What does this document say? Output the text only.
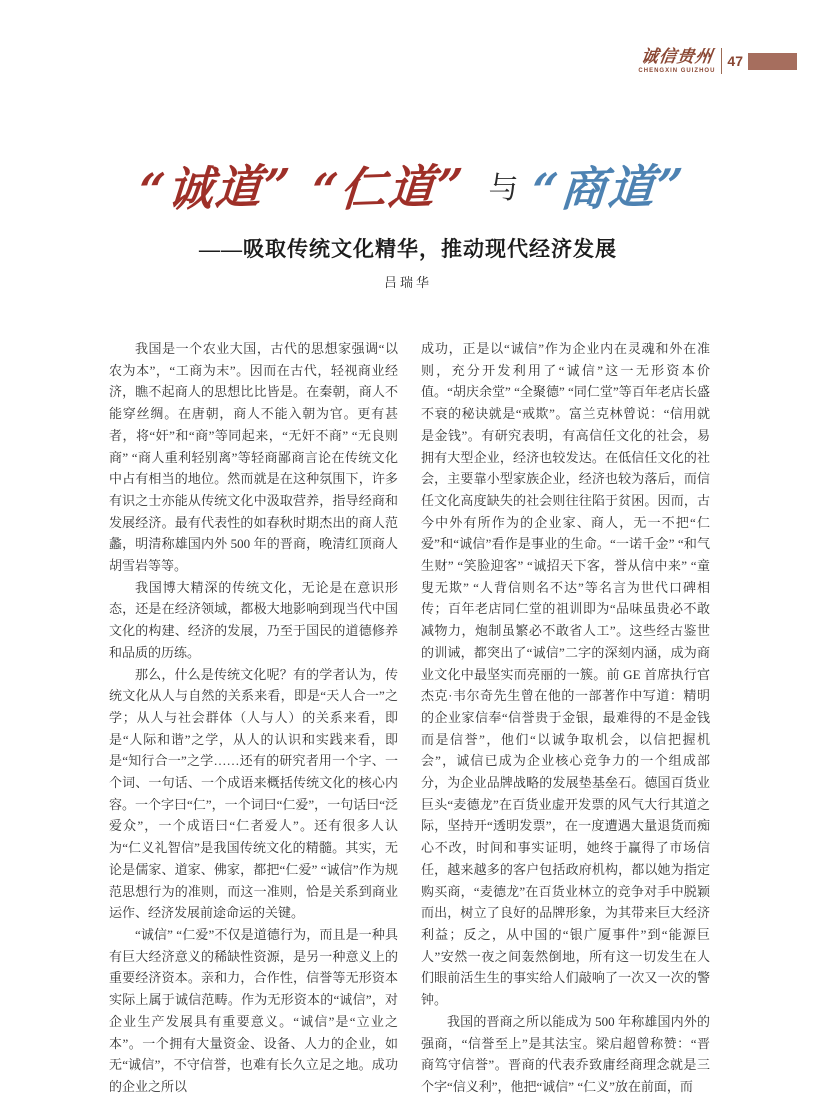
诚信贵州
CHENGXIN GUIZHOU
47
“诚道” “仁道” 与 “商道”
——吸取传统文化精华，推动现代经济发展
吕瑞华

我国是一个农业大国，古代的思想家强调“以农为本”，“工商为末”。因而在古代，轻视商业经济，瞧不起商人的思想比比皆是。在秦朝，商人不能穿丝绸。在唐朝，商人不能入朝为官。更有甚者，将“奸”和“商”等同起来，“无奸不商” “无良则商” “商人重利轻别离”等轻商鄙商言论在传统文化中占有相当的地位。然而就是在这种氛围下，许多有识之士亦能从传统文化中汲取营养，指导经商和发展经济。最有代表性的如春秋时期杰出的商人范蠡，明清称雄国内外 500 年的晋商，晚清红顶商人胡雪岩等等。

我国博大精深的传统文化，无论是在意识形态，还是在经济领域，都极大地影响到现当代中国文化的构建、经济的发展，乃至于国民的道德修养和品质的历练。

那么，什么是传统文化呢？有的学者认为，传统文化从人与自然的关系来看，即是“天人合一”之学；从人与社会群体（人与人）的关系来看，即是“人际和谐”之学，从人的认识和实践来看，即是“知行合一”之学……还有的研究者用一个字、一个词、一句话、一个成语来概括传统文化的核心内容。一个字曰“仁”，一个词曰“仁爱”，一句话曰“泛爱众”，一个成语曰“仁者爱人”。还有很多人认为“仁义礼智信”是我国传统文化的精髓。其实，无论是儒家、道家、佛家，都把“仁爱” “诚信”作为规范思想行为的准则，而这一准则，恰是关系到商业运作、经济发展前途命运的关键。

“诚信” “仁爱”不仅是道德行为，而且是一种具有巨大经济意义的稀缺性资源，是另一种意义上的重要经济资本。亲和力，合作性，信誉等无形资本实际上属于诚信范畴。作为无形资本的“诚信”，对企业生产发展具有重要意义。“诚信”是“立业之本”。一个拥有大量资金、设备、人力的企业，如无“诚信”，不守信誉，也难有长久立足之地。成功的企业之所以

成功，正是以“诚信”作为企业内在灵魂和外在准则，充分开发利用了“诚信”这一无形资本价值。“胡庆余堂” “全聚德” “同仁堂”等百年老店长盛不衰的秘诀就是“戒欺”。富兰克林曾说：“信用就是金钱”。有研究表明，有高信任文化的社会，易拥有大型企业，经济也较发达。在低信任文化的社会，主要靠小型家族企业，经济也较为落后，而信任文化高度缺失的社会则往往陷于贫困。因而，古今中外有所作为的企业家、商人，无一不把“仁爱”和“诚信”看作是事业的生命。“一诺千金” “和气生财” “笑脸迎客” “诚招天下客，誉从信中来” “童叟无欺” “人背信则名不达”等名言为世代口碑相传；百年老店同仁堂的祖训即为“品味虽贵必不敢减物力，炮制虽繁必不敢省人工”。这些经古鉴世的训诫，都突出了“诚信”二字的深刻内涵，成为商业文化中最坚实而亮丽的一簇。前 GE 首席执行官杰克·韦尔奇先生曾在他的一部著作中写道：精明的企业家信奉“信誉贵于金银，最难得的不是金钱而是信誉”，他们“以诚争取机会，以信把握机会”，诚信已成为企业核心竞争力的一个组成部分，为企业品牌战略的发展垫基垒石。德国百货业巨头“麦德龙”在百货业虚开发票的风气大行其道之际，坚持开“透明发票”，在一度遭遇大量退货而痴心不改，时间和事实证明，她终于赢得了市场信任，越来越多的客户包括政府机构，都以她为指定购买商，“麦德龙”在百货业林立的竞争对手中脱颖而出，树立了良好的品牌形象，为其带来巨大经济利益；反之，从中国的“银广厦事件”到“能源巨人”安然一夜之间轰然倒地，所有这一切发生在人们眼前活生生的事实给人们敲响了一次又一次的警钟。

我国的晋商之所以能成为 500 年称雄国内外的强商，“信誉至上”是其法宝。梁启超曾称赞：“晋商笃守信誉”。晋商的代表乔致庸经商理念就是三个字“信义利”，他把“诚信” “仁义”放在前面，而
